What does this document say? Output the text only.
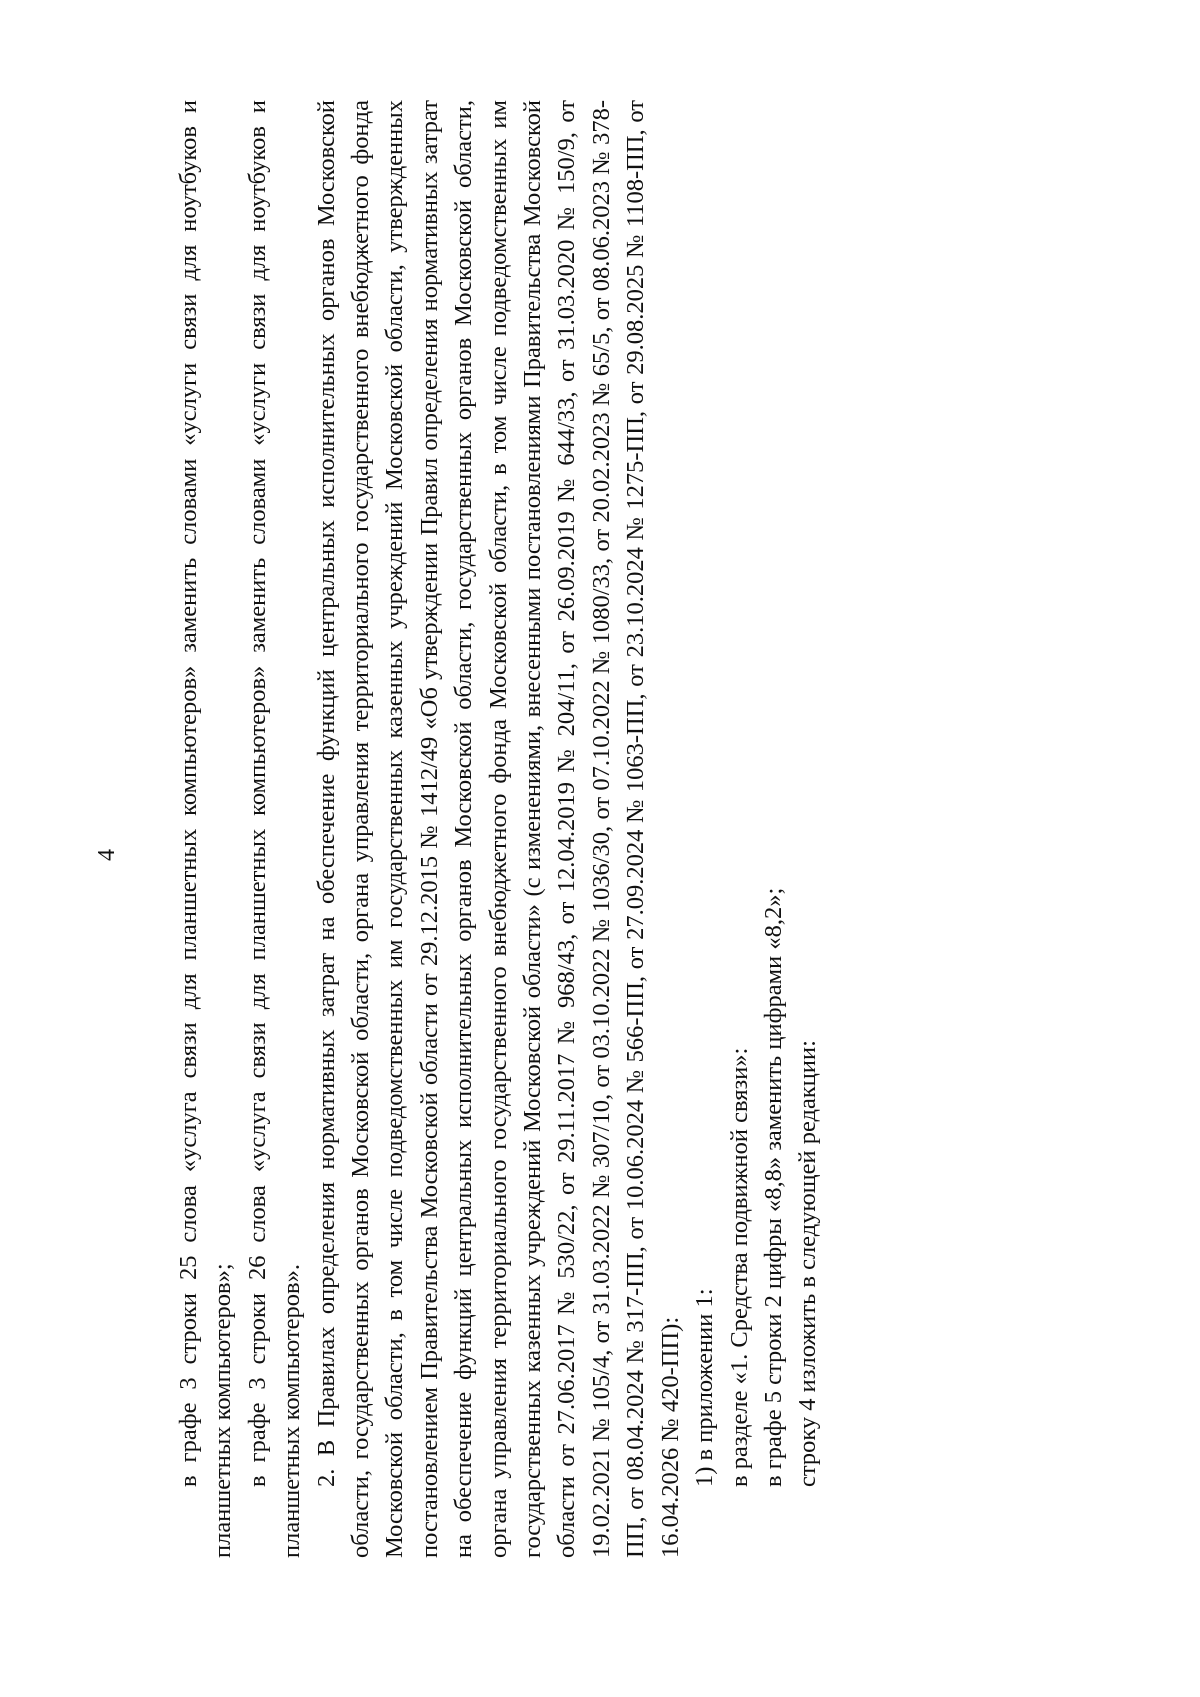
4 в графе 3 строки 25 слова «услуга связи для планшетных компьютеров» заменить словами «услуги связи для ноутбуков и планшетных компьютеров»; в графе 3 строки 26 слова «услуга связи для планшетных компьютеров» заменить словами «услуги связи для ноутбуков и планшетных компьютеров». 2. В Правилах определения нормативных затрат на обеспечение функций центральных исполнительных органов Московской области, государственных органов Московской области, органа управления территориального государственного внебюджетного фонда Московской области, в том числе подведомственных им государственных казенных учреждений Московской области, утвержденных постановлением Правительства Московской области от 29.12.2015 № 1412/49 «Об утверждении Правил определения нормативных затрат на обеспечение функций центральных исполнительных органов Московской области, государственных органов Московской области, органа управления территориального государственного внебюджетного фонда Московской области, в том числе подведомственных им государственных казенных учреждений Московской области» (с изменениями, внесенными постановлениями Правительства Московской области от 27.06.2017 № 530/22, от 29.11.2017 № 968/43, от 12.04.2019 № 204/11, от 26.09.2019 № 644/33, от 31.03.2020 № 150/9, от 19.02.2021 № 105/4, от 31.03.2022 № 307/10, от 03.10.2022 № 1036/30, от 07.10.2022 № 1080/33, от 20.02.2023 № 65/5, от 08.06.2023 № 378-ПП, от 08.04.2024 № 317-ПП, от 10.06.2024 № 566-ПП, от 27.09.2024 № 1063-ПП, от 23.10.2024 № 1275-ПП, от 29.08.2025 № 1108-ПП, от 16.04.2026 № 420-ПП): 1) в приложении 1: в разделе «1. Средства подвижной связи»: в графе 5 строки 2 цифры «8,8» заменить цифрами «8,2»; строку 4 изложить в следующей редакции:
